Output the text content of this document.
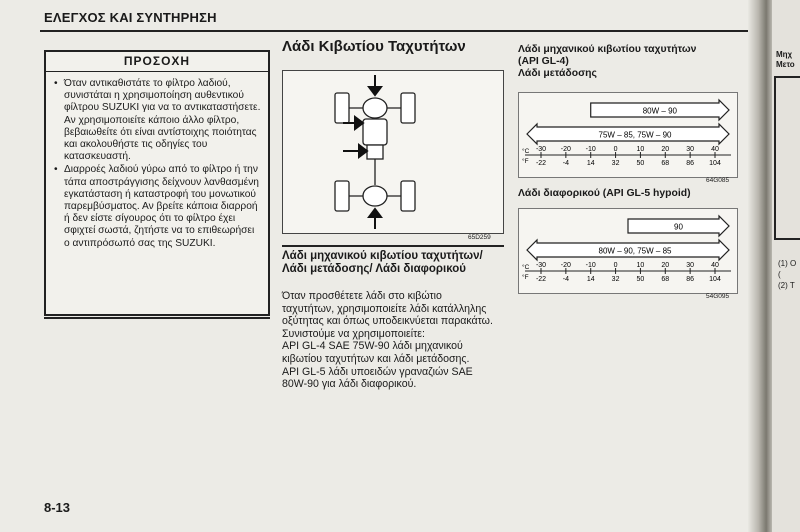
ΕΛΕΓΧΟΣ ΚΑΙ ΣΥΝΤΗΡΗΣΗ
ΠΡΟΣΟΧΗ
• Όταν αντικαθιστάτε το φίλτρο λαδιού, συνιστάται η χρησιμοποίηση αυθεντικού φίλτρου SUZUKI για να το αντικαταστήσετε. Αν χρησιμοποιείτε κάποιο άλλο φίλτρο, βεβαιωθείτε ότι είναι αντίστοιχης ποιότητας και ακολουθήστε τις οδηγίες του κατασκευαστή.
• Διαρροές λαδιού γύρω από το φίλτρο ή την τάπα αποστράγγισης δείχνουν λανθασμένη εγκατάσταση ή καταστροφή του μονωτικού παρεμβύσματος. Αν βρείτε κάποια διαρροή ή δεν είστε σίγουρος ότι το φίλτρο έχει σφιχτεί σωστά, ζητήστε να το επιθεωρήσει ο αντιπρόσωπό σας της SUZUKI.
Λάδι Κιβωτίου Ταχυτήτων
65D259
Λάδι μηχανικού κιβωτίου ταχυτήτων/Λάδι μετάδοσης/ Λάδι διαφορικού

Όταν προσθέτετε λάδι στο κιβώτιο ταχυτήτων, χρησιμοποιείτε λάδι κατάλληλης οξύτητας και όπως υποδεικνύεται παρακάτω.

Συνιστούμε να χρησιμοποιείτε:

API GL-4 SAE 75W-90 λάδι μηχανικού κιβωτίου ταχυτήτων και λάδι μετάδοσης.

API GL-5 λάδι υποειδών γραναζιών SAE 80W-90 για λάδι διαφορικού.

Λάδι μηχανικού κιβωτίου ταχυτήτων
(API GL-4)
Λάδι μετάδοσης
80W – 90
75W – 85, 75W – 90
°C
°F
-30
-22
-20
-4
-10
14
0
32
10
50
20
68
30
86
40
104
64G085
Λάδι διαφορικού (API GL-5 hypoid)
90
80W – 90, 75W – 85
°C
°F
-30
-22
-20
-4
-10
14
0
32
10
50
20
68
30
86
40
104
54G095
8-13
Μηχ
Μετο
(1) Ο
(
(2) Τ
